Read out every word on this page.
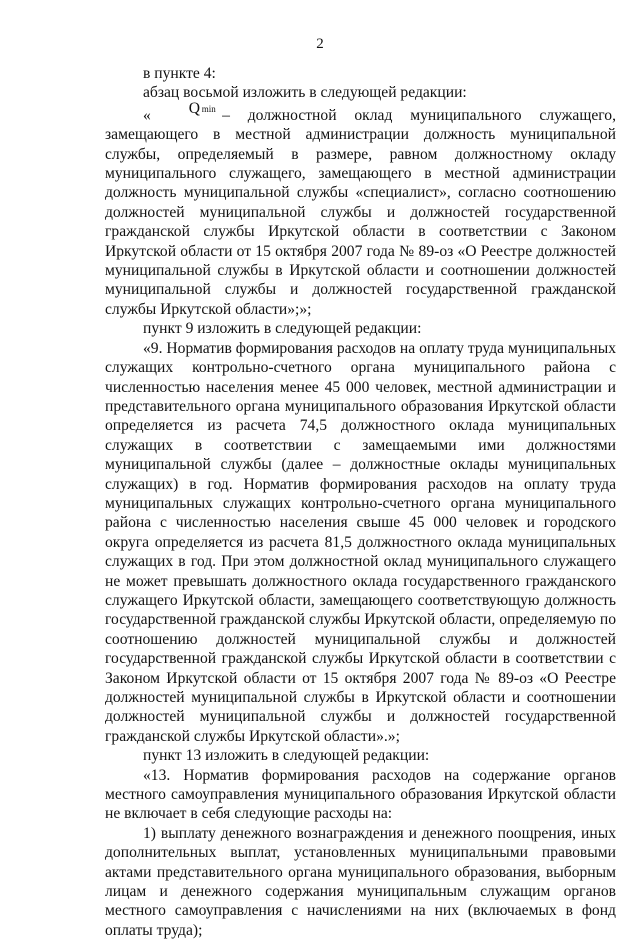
2

в пункте 4:

абзац восьмой изложить в следующей редакции:

« Q min – должностной оклад муниципального служащего, замещающего в местной администрации должность муниципальной службы, определяемый в размере, равном должностному окладу муниципального служащего, замещающего в местной администрации должность муниципальной службы «специалист», согласно соотношению должностей муниципальной службы и должностей государственной гражданской службы Иркутской области в соответствии с Законом Иркутской области от 15 октября 2007 года № 89-оз «О Реестре должностей муниципальной службы в Иркутской области и соотношении должностей муниципальной службы и должностей государственной гражданской службы Иркутской области»;»;

пункт 9 изложить в следующей редакции:

«9. Норматив формирования расходов на оплату труда муниципальных служащих контрольно-счетного органа муниципального района с численностью населения менее 45 000 человек, местной администрации и представительного органа муниципального образования Иркутской области определяется из расчета 74,5 должностного оклада муниципальных служащих в соответствии с замещаемыми ими должностями муниципальной службы (далее – должностные оклады муниципальных служащих) в год. Норматив формирования расходов на оплату труда муниципальных служащих контрольно-счетного органа муниципального района с численностью населения свыше 45 000 человек и городского округа определяется из расчета 81,5 должностного оклада муниципальных служащих в год. При этом должностной оклад муниципального служащего не может превышать должностного оклада государственного гражданского служащего Иркутской области, замещающего соответствующую должность государственной гражданской службы Иркутской области, определяемую по соотношению должностей муниципальной службы и должностей государственной гражданской службы Иркутской области в соответствии с Законом Иркутской области от 15 октября 2007 года № 89-оз «О Реестре должностей муниципальной службы в Иркутской области и соотношении должностей муниципальной службы и должностей государственной гражданской службы Иркутской области».»;

пункт 13 изложить в следующей редакции:

«13. Норматив формирования расходов на содержание органов местного самоуправления муниципального образования Иркутской области не включает в себя следующие расходы на:

1) выплату денежного вознаграждения и денежного поощрения, иных дополнительных выплат, установленных муниципальными правовыми актами представительного органа муниципального образования, выборным лицам и денежного содержания муниципальным служащим органов местного самоуправления с начислениями на них (включаемых в фонд оплаты труда);
